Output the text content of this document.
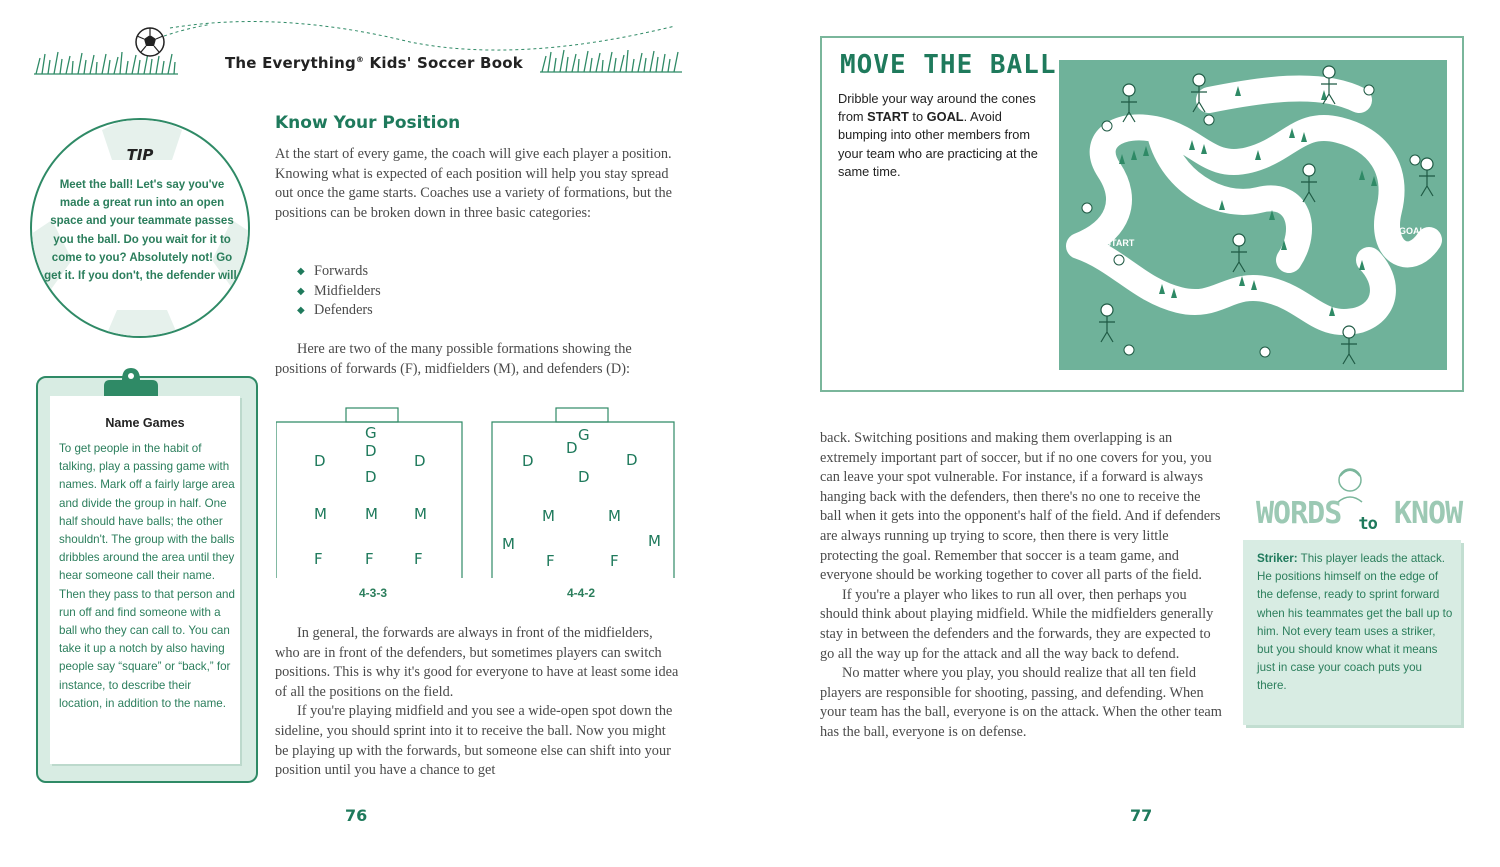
The Everything® Kids' Soccer Book
TIP
Meet the ball! Let's say you've made a great run into an open space and your teammate passes you the ball. Do you wait for it to come to you? Absolutely not! Go get it. If you don't, the defender will.
Name Games
To get people in the habit of talking, play a passing game with names. Mark off a fairly large area and divide the group in half. One half should have balls; the other shouldn't. The group with the balls dribbles around the area until they hear someone call their name. Then they pass to that person and run off and find someone with a ball who they can call to. You can take it up a notch by also having people say “square” or “back,” for instance, to describe their location, in addition to the name.
Know Your Position

At the start of every game, the coach will give each player a position. Knowing what is expected of each position will help you stay spread out once the game starts. Coaches use a variety of formations, but the positions can be broken down in three basic categories:

◆ Forwards
◆ Midfielders
◆ Defenders

Here are two of the many possible formations showing the positions of forwards (F), midfielders (M), and defenders (D):

G
D
D
D
D
M	M M
F	F	F
4-3-3
G
D
D
D
D
M
M	M
M
F	F
4-4-2

In general, the forwards are always in front of the midfielders, who are in front of the defenders, but sometimes players can switch positions. This is why it's good for everyone to have at least some idea of all the positions on the field.

If you're playing midfield and you see a wide-open spot down the sideline, you should sprint into it to receive the ball. Now you might be playing up with the forwards, but someone else can shift into your position until you have a chance to get

76
MOVE THE BALL
Dribble your way around the cones from START to GOAL. Avoid bumping into other members from your team who are practicing at the same time.
START
GOAL!

back. Switching positions and making them overlapping is an extremely important part of soccer, but if no one covers for you, you can leave your spot vulnerable. For instance, if a forward is always hanging back with the defenders, then there's no one to receive the ball when it gets into the opponent's half of the field. And if defenders are always running up trying to score, then there is very little protecting the goal. Remember that soccer is a team game, and everyone should be working together to cover all parts of the field.

If you're a player who likes to run all over, then perhaps you should think about playing midfield. While the midfielders generally stay in between the defenders and the forwards, they are expected to go all the way up for the attack and all the way back to defend.

No matter where you play, you should realize that all ten field players are responsible for shooting, passing, and defending. When your team has the ball, everyone is on the attack. When the other team has the ball, everyone is on defense.

77
WORDS $_{to}$ KNOW
Striker: This player leads the attack. He positions himself on the edge of the defense, ready to sprint forward when his teammates get the ball up to him. Not every team uses a striker, but you should know what it means just in case your coach puts you there.
